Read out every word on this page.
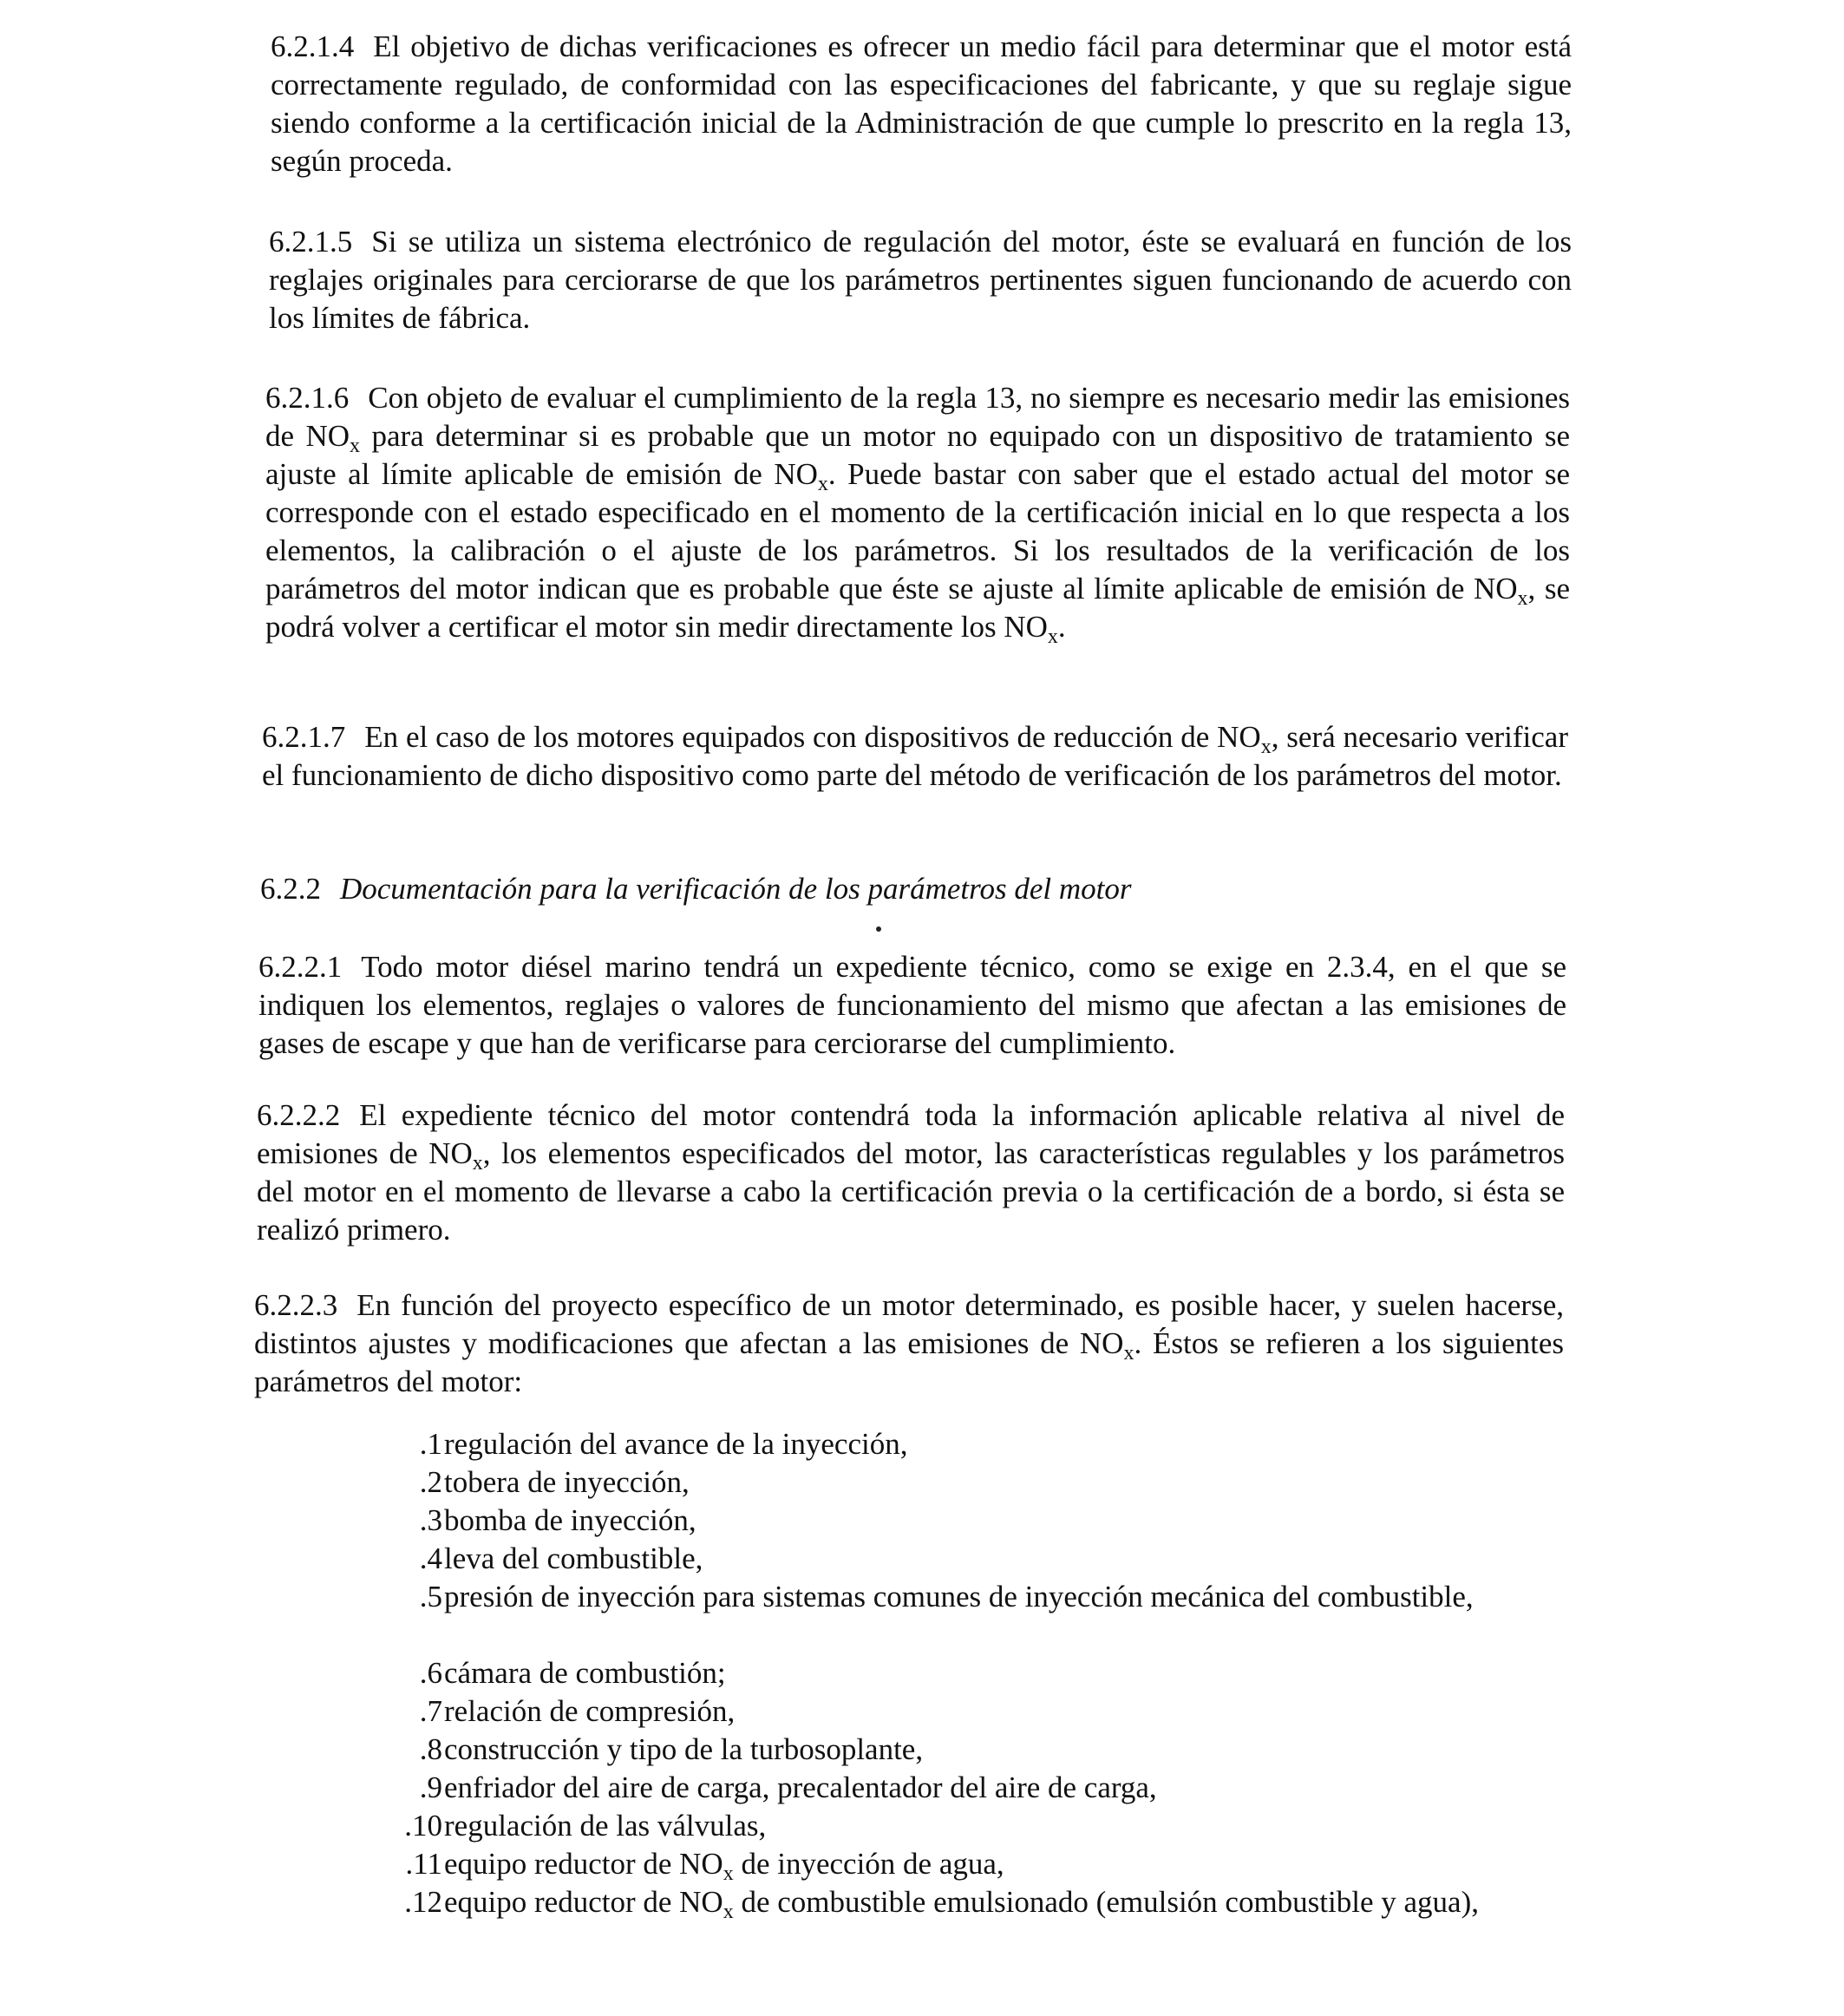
6.2.1.4 El objetivo de dichas verificaciones es ofrecer un medio fácil para determinar que el motor está correctamente regulado, de conformidad con las especificaciones del fabricante, y que su reglaje sigue siendo conforme a la certificación inicial de la Administración de que cumple lo prescrito en la regla 13, según proceda.

6.2.1.5 Si se utiliza un sistema electrónico de regulación del motor, éste se evaluará en función de los reglajes originales para cerciorarse de que los parámetros pertinentes siguen funcionando de acuerdo con los límites de fábrica.

6.2.1.6 Con objeto de evaluar el cumplimiento de la regla 13, no siempre es necesario medir las emisiones de $NO_x$ para determinar si es probable que un motor no equipado con un dispositivo de tratamiento se ajuste al límite aplicable de emisión de $NO_x$. Puede bastar con saber que el estado actual del motor se corresponde con el estado especificado en el momento de la certificación inicial en lo que respecta a los elementos, la calibración o el ajuste de los parámetros. Si los resultados de la verificación de los parámetros del motor indican que es probable que éste se ajuste al límite aplicable de emisión de $NO_x$, se podrá volver a certificar el motor sin medir directamente los $NO_x$.

6.2.1.7 En el caso de los motores equipados con dispositivos de reducción de $NO_x$, será necesario verificar el funcionamiento de dicho dispositivo como parte del método de verificación de los parámetros del motor.

6.2.2 Documentación para la verificación de los parámetros del motor

6.2.2.1 Todo motor diésel marino tendrá un expediente técnico, como se exige en 2.3.4, en el que se indiquen los elementos, reglajes o valores de funcionamiento del mismo que afectan a las emisiones de gases de escape y que han de verificarse para cerciorarse del cumplimiento.

6.2.2.2 El expediente técnico del motor contendrá toda la información aplicable relativa al nivel de emisiones de $NO_x$, los elementos especificados del motor, las características regulables y los parámetros del motor en el momento de llevarse a cabo la certificación previa o la certificación de a bordo, si ésta se realizó primero.

6.2.2.3 En función del proyecto específico de un motor determinado, es posible hacer, y suelen hacerse, distintos ajustes y modificaciones que afectan a las emisiones de $NO_x$. Éstos se refieren a los siguientes parámetros del motor:

.1 regulación del avance de la inyección,

.2 tobera de inyección,

.3 bomba de inyección,

.4 leva del combustible,

.5 presión de inyección para sistemas comunes de inyección mecánica del combustible,

.6 cámara de combustión;

.7 relación de compresión,

.8 construcción y tipo de la turbosoplante,

.9 enfriador del aire de carga, precalentador del aire de carga,

.10 regulación de las válvulas,

.11 equipo reductor de $NO_x$ de inyección de agua,

.12 equipo reductor de $NO_x$ de combustible emulsionado (emulsión combustible y agua),
